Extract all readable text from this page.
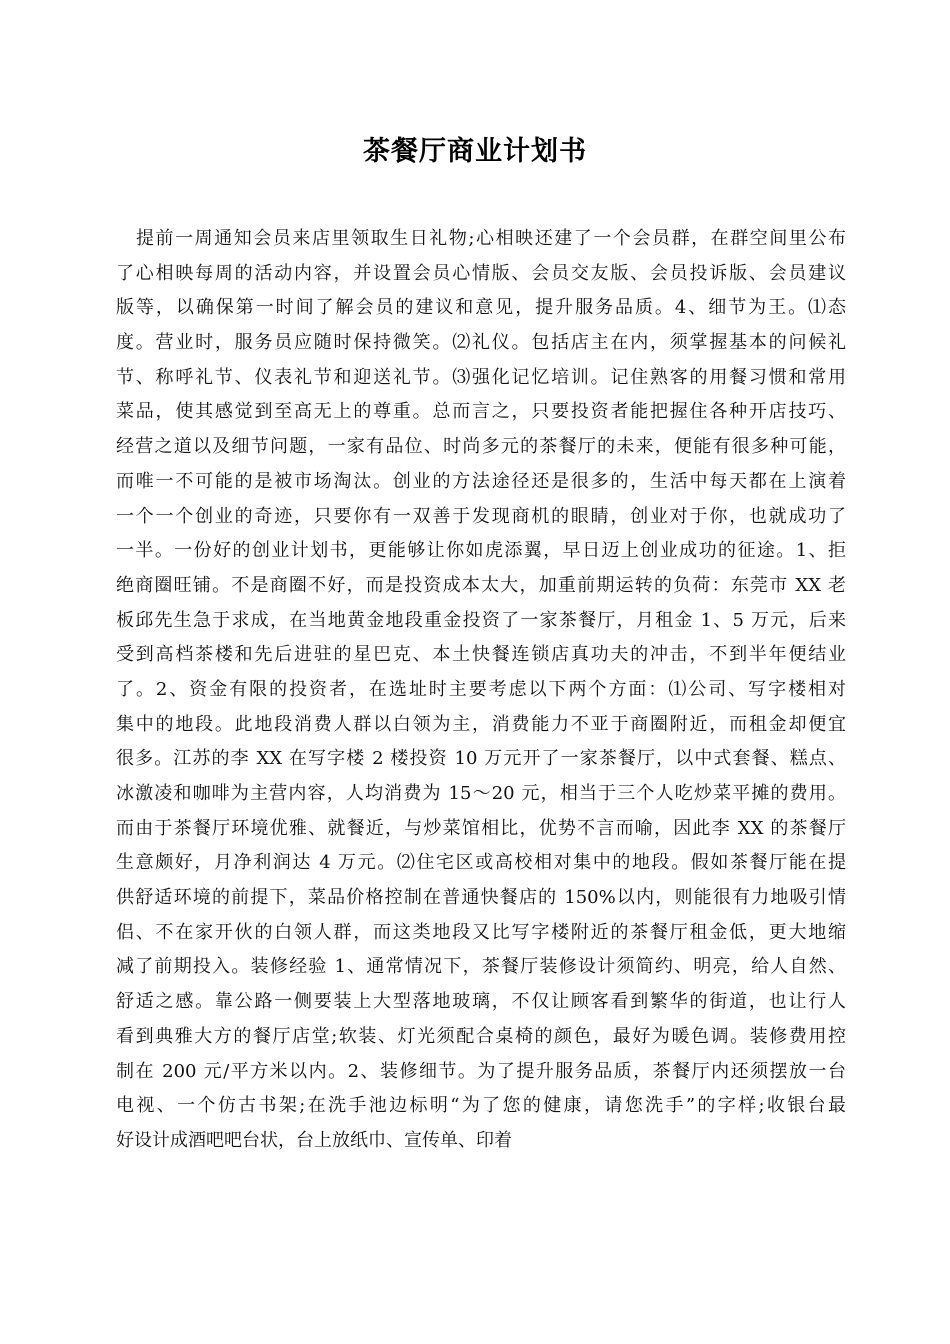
茶餐厅商业计划书
提前一周通知会员来店里领取生日礼物;心相映还建了一个会员群，在群空间里公布
了心相映每周的活动内容，并设置会员心情版、会员交友版、会员投诉版、会员建议
版等，以确保第一时间了解会员的建议和意见，提升服务品质。4、细节为王。⑴态
度。营业时，服务员应随时保持微笑。⑵礼仪。包括店主在内，须掌握基本的问候礼
节、称呼礼节、仪表礼节和迎送礼节。⑶强化记忆培训。记住熟客的用餐习惯和常用
菜品，使其感觉到至高无上的尊重。总而言之，只要投资者能把握住各种开店技巧、
经营之道以及细节问题，一家有品位、时尚多元的茶餐厅的未来，便能有很多种可能，
而唯一不可能的是被市场淘汰。创业的方法途径还是很多的，生活中每天都在上演着
一个一个创业的奇迹，只要你有一双善于发现商机的眼睛，创业对于你，也就成功了
一半。一份好的创业计划书，更能够让你如虎添翼，早日迈上创业成功的征途。1、拒
绝商圈旺铺。不是商圈不好，而是投资成本太大，加重前期运转的负荷：东莞市 XX 老
板邱先生急于求成，在当地黄金地段重金投资了一家茶餐厅，月租金 1、5 万元，后来
受到高档茶楼和先后进驻的星巴克、本土快餐连锁店真功夫的冲击，不到半年便结业
了。2、资金有限的投资者，在选址时主要考虑以下两个方面：⑴公司、写字楼相对
集中的地段。此地段消费人群以白领为主，消费能力不亚于商圈附近，而租金却便宜
很多。江苏的李 XX 在写字楼 2 楼投资 10 万元开了一家茶餐厅，以中式套餐、糕点、
冰激凌和咖啡为主营内容，人均消费为 15～20 元，相当于三个人吃炒菜平摊的费用。
而由于茶餐厅环境优雅、就餐近，与炒菜馆相比，优势不言而喻，因此李 XX 的茶餐厅
生意颇好，月净利润达 4 万元。⑵住宅区或高校相对集中的地段。假如茶餐厅能在提
供舒适环境的前提下，菜品价格控制在普通快餐店的 150%以内，则能很有力地吸引情
侣、不在家开伙的白领人群，而这类地段又比写字楼附近的茶餐厅租金低，更大地缩
减了前期投入。装修经验 1、通常情况下，茶餐厅装修设计须简约、明亮，给人自然、
舒适之感。靠公路一侧要装上大型落地玻璃，不仅让顾客看到繁华的街道，也让行人
看到典雅大方的餐厅店堂;软装、灯光须配合桌椅的颜色，最好为暖色调。装修费用控
制在 200 元/平方米以内。2、装修细节。为了提升服务品质，茶餐厅内还须摆放一台
电视、一个仿古书架;在洗手池边标明“为了您的健康，请您洗手”的字样;收银台最
好设计成酒吧吧台状，台上放纸巾、宣传单、印着
